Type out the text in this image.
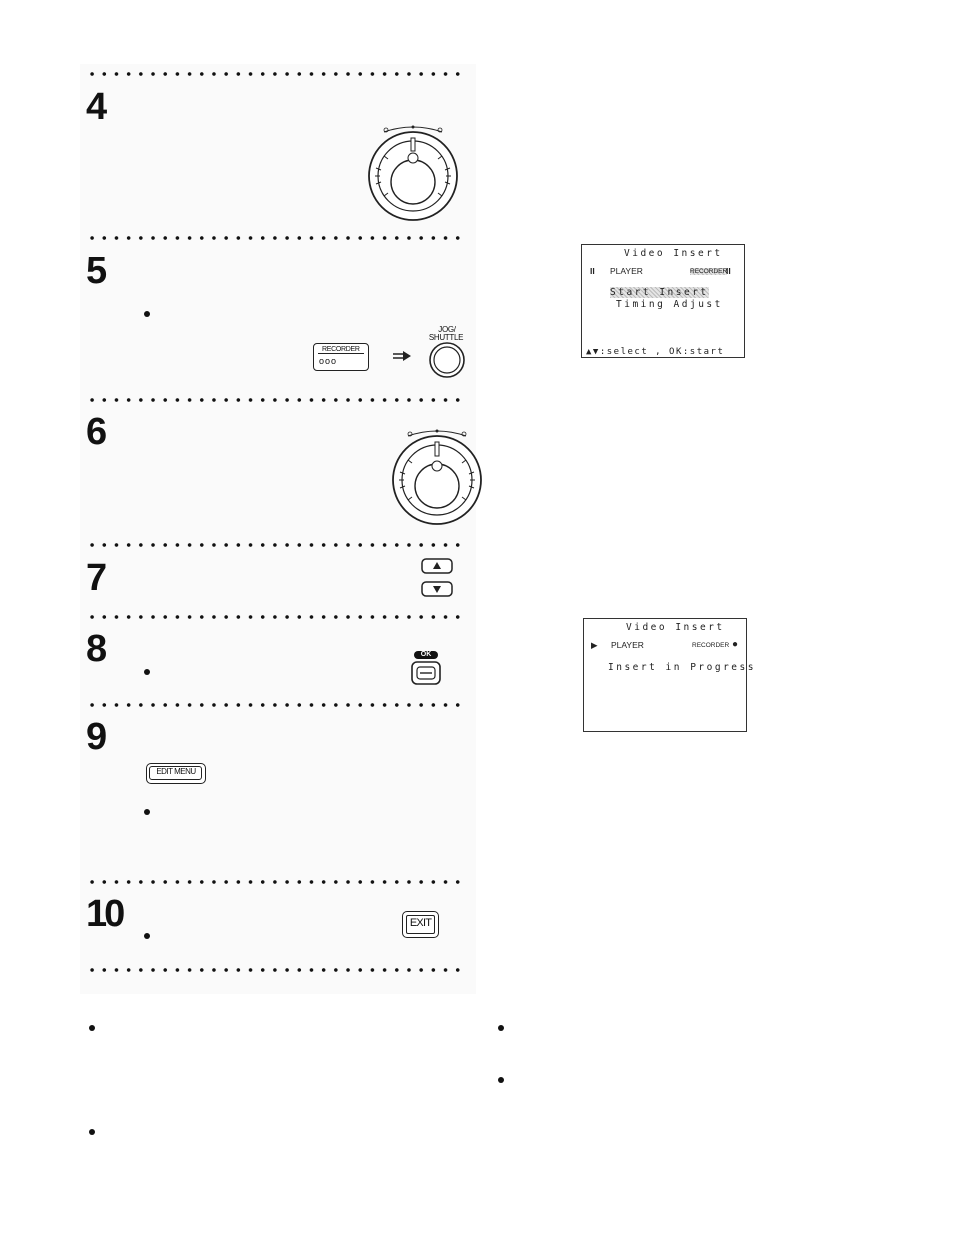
4
5
6
7
8
9
10
RECORDER
ooo
JOG/
SHUTTLE
OK
EDIT MENU
EXIT
Video Insert
II PLAYER	RECORDER
II
Start Insert
Timing Adjust
▲▼:select , OK:start
Video Insert
▶ PLAYER	RECORDER ●
Insert in Progress
